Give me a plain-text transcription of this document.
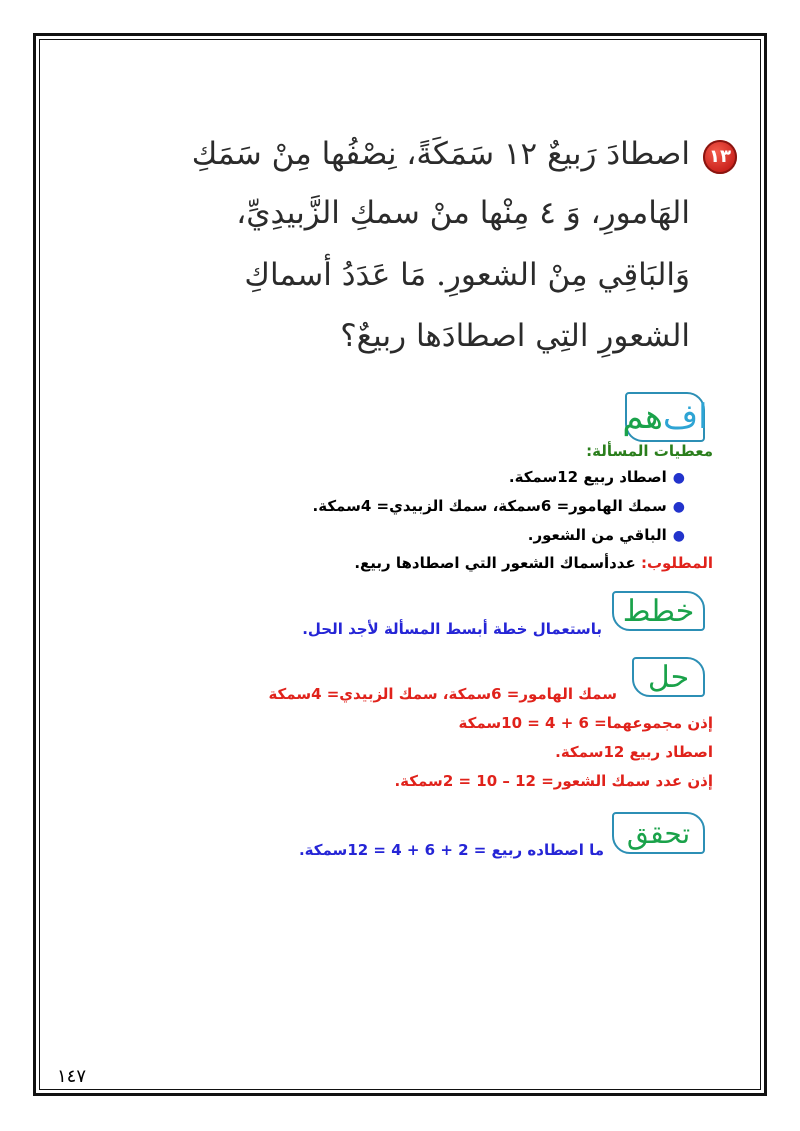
١٣
اصطادَ رَبيعٌ ١٢ سَمَكَةً، نِصْفُها مِنْ سَمَكِ
الهَامورِ، وَ ٤ مِنْها منْ سمكِ الزَّبيدِيِّ،
وَالبَاقِي مِنْ الشعورِ. مَا عَدَدُ أسماكِ
الشعورِ التِي اصطادَها ربيعٌ؟
اف
هم
معطيات المسألة:
●اصطاد ربيع 12سمكة.
●سمك الهامور= 6سمكة، سمك الزبيدي= 4سمكة.
●الباقي من الشعور.
المطلوب: عددأسماك الشعور التي اصطادها ربيع.
خطط
باستعمال خطة أبسط المسألة لأجد الحل.
حل
سمك الهامور= 6سمكة، سمك الزبيدي= 4سمكة
إذن مجموعهما= 6 + 4 = 10سمكة
اصطاد ربيع 12سمكة.
إذن عدد سمك الشعور= 12 – 10 = 2سمكة.
تحقق
ما اصطاده ربيع = 2 + 6 + 4 = 12سمكة.
١٤٧
